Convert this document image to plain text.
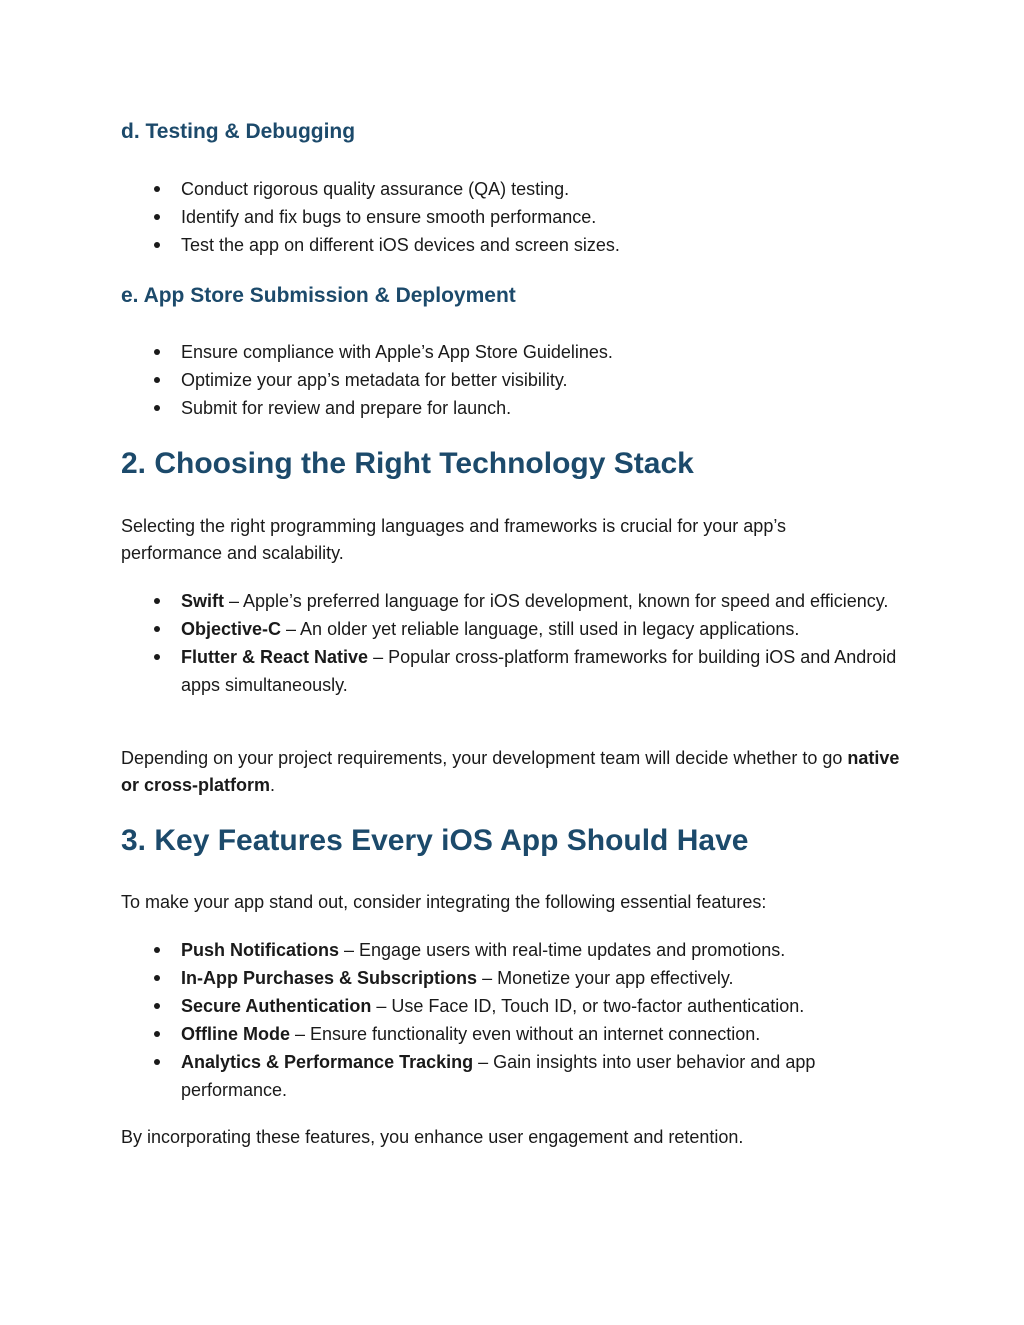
d. Testing & Debugging
Conduct rigorous quality assurance (QA) testing.
Identify and fix bugs to ensure smooth performance.
Test the app on different iOS devices and screen sizes.
e. App Store Submission & Deployment
Ensure compliance with Apple’s App Store Guidelines.
Optimize your app’s metadata for better visibility.
Submit for review and prepare for launch.
2. Choosing the Right Technology Stack

Selecting the right programming languages and frameworks is crucial for your app’s performance and scalability.

Swift – Apple’s preferred language for iOS development, known for speed and efficiency.
Objective-C – An older yet reliable language, still used in legacy applications.
Flutter & React Native – Popular cross-platform frameworks for building iOS and Android apps simultaneously.

Depending on your project requirements, your development team will decide whether to go native or cross-platform.

3. Key Features Every iOS App Should Have

To make your app stand out, consider integrating the following essential features:

Push Notifications – Engage users with real-time updates and promotions.
In-App Purchases & Subscriptions – Monetize your app effectively.
Secure Authentication – Use Face ID, Touch ID, or two-factor authentication.
Offline Mode – Ensure functionality even without an internet connection.
Analytics & Performance Tracking – Gain insights into user behavior and app performance.

By incorporating these features, you enhance user engagement and retention.
